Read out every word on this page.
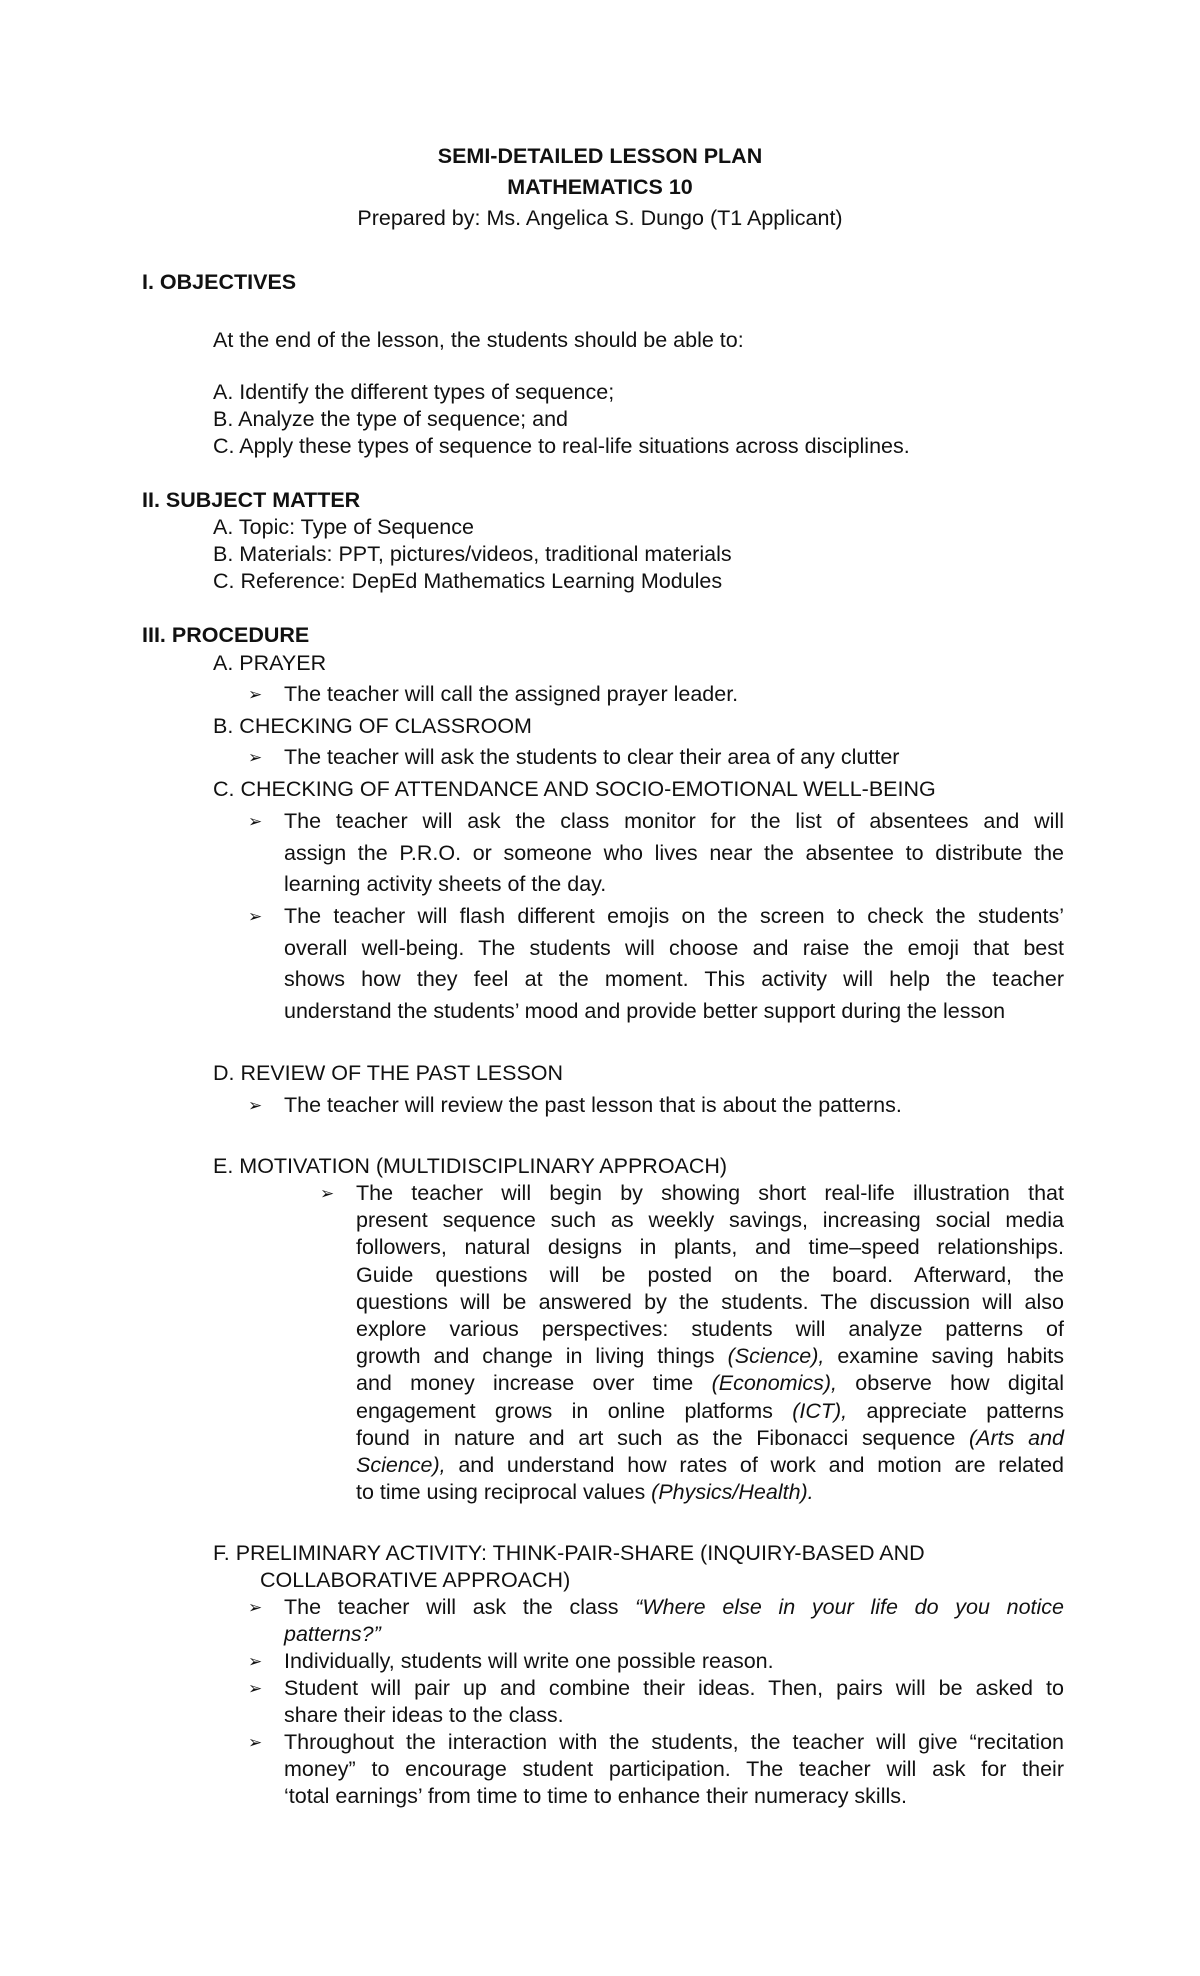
SEMI-DETAILED LESSON PLAN
MATHEMATICS 10
Prepared by: Ms. Angelica S. Dungo (T1 Applicant)
I. OBJECTIVES
At the end of the lesson, the students should be able to:
A. Identify the different types of sequence;
B. Analyze the type of sequence; and
C. Apply these types of sequence to real-life situations across disciplines.
II. SUBJECT MATTER
A. Topic: Type of Sequence
B. Materials: PPT, pictures/videos, traditional materials
C. Reference: DepEd Mathematics Learning Modules
III. PROCEDURE
A. PRAYER
➢ The teacher will call the assigned prayer leader.
B. CHECKING OF CLASSROOM
➢ The teacher will ask the students to clear their area of any clutter
C. CHECKING OF ATTENDANCE AND SOCIO-EMOTIONAL WELL-BEING
➢ The teacher will ask the class monitor for the list of absentees and will
assign the P.R.O. or someone who lives near the absentee to distribute the
learning activity sheets of the day.
➢ The teacher will flash different emojis on the screen to check the students’
overall well-being. The students will choose and raise the emoji that best
shows how they feel at the moment. This activity will help the teacher
understand the students’ mood and provide better support during the lesson
D. REVIEW OF THE PAST LESSON
➢ The teacher will review the past lesson that is about the patterns.
E. MOTIVATION (MULTIDISCIPLINARY APPROACH)
➢ The teacher will begin by showing short real-life illustration that
present sequence such as weekly savings, increasing social media
followers, natural designs in plants, and time–speed relationships.
Guide questions will be posted on the board. Afterward, the
questions will be answered by the students. The discussion will also
explore various perspectives: students will analyze patterns of
growth and change in living things (Science), examine saving habits
and money increase over time (Economics), observe how digital
engagement grows in online platforms (ICT), appreciate patterns
found in nature and art such as the Fibonacci sequence (Arts and
Science), and understand how rates of work and motion are related
to time using reciprocal values (Physics/Health).
F. PRELIMINARY ACTIVITY: THINK-PAIR-SHARE (INQUIRY-BASED AND
COLLABORATIVE APPROACH)
➢ The teacher will ask the class “Where else in your life do you notice
patterns?”
➢ Individually, students will write one possible reason.
➢ Student will pair up and combine their ideas. Then, pairs will be asked to
share their ideas to the class.
➢ Throughout the interaction with the students, the teacher will give “recitation
money” to encourage student participation. The teacher will ask for their
‘total earnings’ from time to time to enhance their numeracy skills.
